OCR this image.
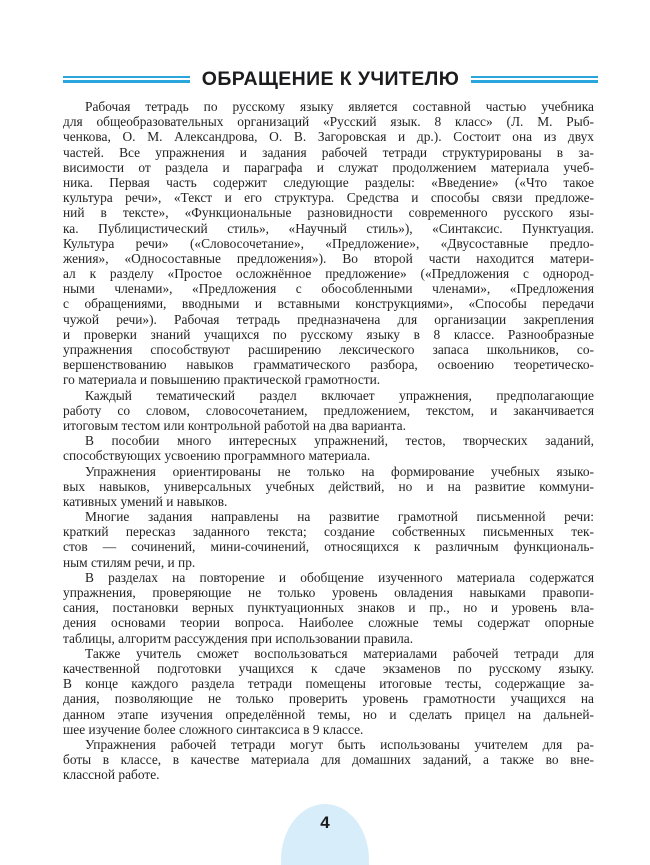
ОБРАЩЕНИЕ К УЧИТЕЛЮ

Рабочая тетрадь по русскому языку является составной частью учебника
для общеобразовательных организаций «Русский язык. 8 класс» (Л. М. Рыб-
ченкова, О. М. Александрова, О. В. Загоровская и др.). Состоит она из двух
частей. Все упражнения и задания рабочей тетради структурированы в за-
висимости от раздела и параграфа и служат продолжением материала учеб-
ника. Первая часть содержит следующие разделы: «Введение» («Что такое
культура речи», «Текст и его структура. Средства и способы связи предложе-
ний в тексте», «Функциональные разновидности современного русского язы-
ка. Публицистический стиль», «Научный стиль»), «Синтаксис. Пунктуация.
Культура речи» («Словосочетание», «Предложение», «Двусоставные предло-
жения», «Односоставные предложения»). Во второй части находится матери-
ал к разделу «Простое осложнённое предложение» («Предложения с однород-
ными членами», «Предложения с обособленными членами», «Предложения
с обращениями, вводными и вставными конструкциями», «Способы передачи
чужой речи»). Рабочая тетрадь предназначена для организации закрепления
и проверки знаний учащихся по русскому языку в 8 классе. Разнообразные
упражнения способствуют расширению лексического запаса школьников, со-
вершенствованию навыков грамматического разбора, освоению теоретическо-
го материала и повышению практической грамотности.

Каждый тематический раздел включает упражнения, предполагающие
работу со словом, словосочетанием, предложением, текстом, и заканчивается
итоговым тестом или контрольной работой на два варианта.

В пособии много интересных упражнений, тестов, творческих заданий,
способствующих усвоению программного материала.

Упражнения ориентированы не только на формирование учебных языко-
вых навыков, универсальных учебных действий, но и на развитие коммуни-
кативных умений и навыков.

Многие задания направлены на развитие грамотной письменной речи:
краткий пересказ заданного текста; создание собственных письменных тек-
стов — сочинений, мини-сочинений, относящихся к различным функциональ-
ным стилям речи, и пр.

В разделах на повторение и обобщение изученного материала содержатся
упражнения, проверяющие не только уровень овладения навыками правопи-
сания, постановки верных пунктуационных знаков и пр., но и уровень вла-
дения основами теории вопроса. Наиболее сложные темы содержат опорные
таблицы, алгоритм рассуждения при использовании правила.

Также учитель сможет воспользоваться материалами рабочей тетради для
качественной подготовки учащихся к сдаче экзаменов по русскому языку.
В конце каждого раздела тетради помещены итоговые тесты, содержащие за-
дания, позволяющие не только проверить уровень грамотности учащихся на
данном этапе изучения определённой темы, но и сделать прицел на дальней-
шее изучение более сложного синтаксиса в 9 классе.

Упражнения рабочей тетради могут быть использованы учителем для ра-
боты в классе, в качестве материала для домашних заданий, а также во вне-
классной работе.

4
